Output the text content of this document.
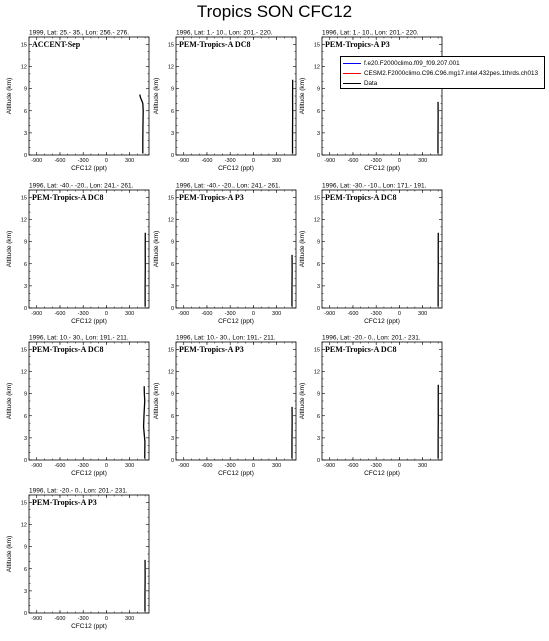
Tropics SON CFC12
1999, Lat: 25.- 35., Lon: 256.- 276.
ACCENT-Sep
-900 -600 -300	0	300
0
3
6
9
12
15
CFC12 (ppt)
Altitude (km)
1996, Lat: 1.- 10., Lon: 201.- 220.
PEM-Tropics-A DC8
-900 -600 -300	0	300
0
3
6
9
12
15
CFC12 (ppt)
Altitude (km)
1996, Lat: 1.- 10., Lon: 201.- 220.
PEM-Tropics-A P3
-900 -600 -300	0	300
0
3
6
9
12
15
CFC12 (ppt)
Altitude (km)
1996, Lat: -40.- -20., Lon: 241.- 261.
PEM-Tropics-A DC8
-900 -600 -300	0	300
0
3
6
9
12
15
CFC12 (ppt)
Altitude (km)
1996, Lat: -40.- -20., Lon: 241.- 261.
PEM-Tropics-A P3
-900 -600 -300	0	300
0
3
6
9
12
15
CFC12 (ppt)
Altitude (km)
1996, Lat: -30.- -10., Lon: 171.- 191.
PEM-Tropics-A DC8
-900 -600 -300	0	300
0
3
6
9
12
15
CFC12 (ppt)
Altitude (km)
1996, Lat: 10.- 30., Lon: 191.- 211.
PEM-Tropics-A DC8
-900 -600 -300	0	300
0
3
6
9
12
15
CFC12 (ppt)
Altitude (km)
1996, Lat: 10.- 30., Lon: 191.- 211.
PEM-Tropics-A P3
-900 -600 -300	0	300
0
3
6
9
12
15
CFC12 (ppt)
Altitude (km)
1996, Lat: -20.- 0., Lon: 201.- 231.
PEM-Tropics-A DC8
-900 -600 -300	0	300
0
3
6
9
12
15
CFC12 (ppt)
Altitude (km)
1996, Lat: -20.- 0., Lon: 201.- 231.
PEM-Tropics-A P3
-900 -600 -300	0	300
0
3
6
9
12
15
CFC12 (ppt)
Altitude (km)
f.e20.F2000climo.f09_f09.207.001
CESM2.F2000climo.C96.C96.mg17.intel.432pes.1thrds.ch013
Data
